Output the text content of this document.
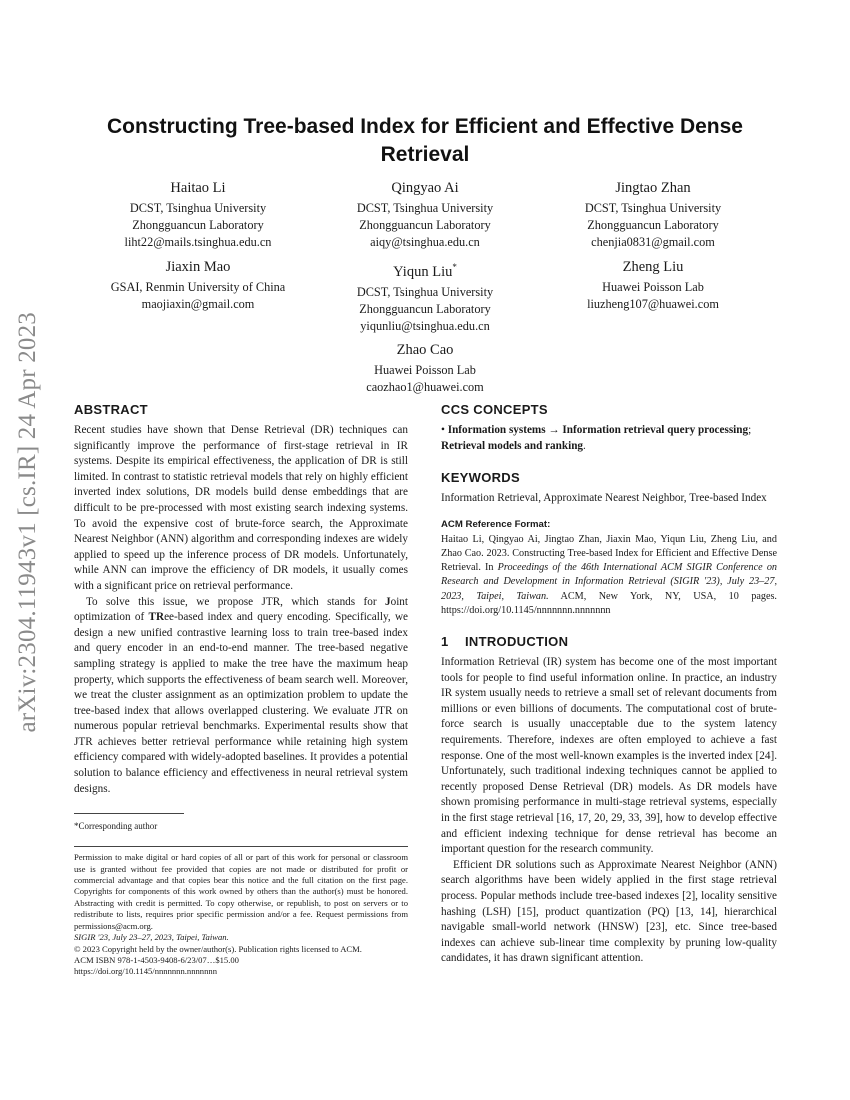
arXiv:2304.11943v1 [cs.IR] 24 Apr 2023
Constructing Tree-based Index for Efficient and Effective Dense Retrieval
Haitao Li
DCST, Tsinghua University
Zhongguancun Laboratory
liht22@mails.tsinghua.edu.cn
Qingyao Ai
DCST, Tsinghua University
Zhongguancun Laboratory
aiqy@tsinghua.edu.cn
Jingtao Zhan
DCST, Tsinghua University
Zhongguancun Laboratory
chenjia0831@gmail.com
Jiaxin Mao
GSAI, Renmin University of China
maojiaxin@gmail.com
Yiqun Liu*
DCST, Tsinghua University
Zhongguancun Laboratory
yiqunliu@tsinghua.edu.cn
Zheng Liu
Huawei Poisson Lab
liuzheng107@huawei.com
Zhao Cao
Huawei Poisson Lab
caozhao1@huawei.com
ABSTRACT

Recent studies have shown that Dense Retrieval (DR) techniques can significantly improve the performance of first-stage retrieval in IR systems. Despite its empirical effectiveness, the application of DR is still limited. In contrast to statistic retrieval models that rely on highly efficient inverted index solutions, DR models build dense embeddings that are difficult to be pre-processed with most existing search indexing systems. To avoid the expensive cost of brute-force search, the Approximate Nearest Neighbor (ANN) algorithm and corresponding indexes are widely applied to speed up the inference process of DR models. Unfortunately, while ANN can improve the efficiency of DR models, it usually comes with a significant price on retrieval performance.

To solve this issue, we propose JTR, which stands for Joint optimization of TRee-based index and query encoding. Specifically, we design a new unified contrastive learning loss to train tree-based index and query encoder in an end-to-end manner. The tree-based negative sampling strategy is applied to make the tree have the maximum heap property, which supports the effectiveness of beam search well. Moreover, we treat the cluster assignment as an optimization problem to update the tree-based index that allows overlapped clustering. We evaluate JTR on numerous popular retrieval benchmarks. Experimental results show that JTR achieves better retrieval performance while retaining high system efficiency compared with widely-adopted baselines. It provides a potential solution to balance efficiency and effectiveness in neural retrieval system designs.

*Corresponding author

Permission to make digital or hard copies of all or part of this work for personal or classroom use is granted without fee provided that copies are not made or distributed for profit or commercial advantage and that copies bear this notice and the full citation on the first page. Copyrights for components of this work owned by others than the author(s) must be honored. Abstracting with credit is permitted. To copy otherwise, or republish, to post on servers or to redistribute to lists, requires prior specific permission and/or a fee. Request permissions from permissions@acm.org.

SIGIR '23, July 23–27, 2023, Taipei, Taiwan.

© 2023 Copyright held by the owner/author(s). Publication rights licensed to ACM.

ACM ISBN 978-1-4503-9408-6/23/07…$15.00

https://doi.org/10.1145/nnnnnnn.nnnnnnn

CCS CONCEPTS

• Information systems → Information retrieval query processing; Retrieval models and ranking.

KEYWORDS

Information Retrieval, Approximate Nearest Neighbor, Tree-based Index

ACM Reference Format:

Haitao Li, Qingyao Ai, Jingtao Zhan, Jiaxin Mao, Yiqun Liu, Zheng Liu, and Zhao Cao. 2023. Constructing Tree-based Index for Efficient and Effective Dense Retrieval. In Proceedings of the 46th International ACM SIGIR Conference on Research and Development in Information Retrieval (SIGIR '23), July 23–27, 2023, Taipei, Taiwan. ACM, New York, NY, USA, 10 pages. https://doi.org/10.1145/nnnnnnn.nnnnnnn

1 INTRODUCTION

Information Retrieval (IR) system has become one of the most important tools for people to find useful information online. In practice, an industry IR system usually needs to retrieve a small set of relevant documents from millions or even billions of documents. The computational cost of brute-force search is usually unacceptable due to the system latency requirements. Therefore, indexes are often employed to achieve a fast response. One of the most well-known examples is the inverted index [24]. Unfortunately, such traditional indexing techniques cannot be applied to recently proposed Dense Retrieval (DR) models. As DR models have shown promising performance in multi-stage retrieval systems, especially in the first stage retrieval [16, 17, 20, 29, 33, 39], how to develop effective and efficient indexing technique for dense retrieval has become an important question for the research community.

Efficient DR solutions such as Approximate Nearest Neighbor (ANN) search algorithms have been widely applied in the first stage retrieval process. Popular methods include tree-based indexes [2], locality sensitive hashing (LSH) [15], product quantization (PQ) [13, 14], hierarchical navigable small-world network (HNSW) [23], etc. Since tree-based indexes can achieve sub-linear time complexity by pruning low-quality candidates, it has drawn significant attention.
